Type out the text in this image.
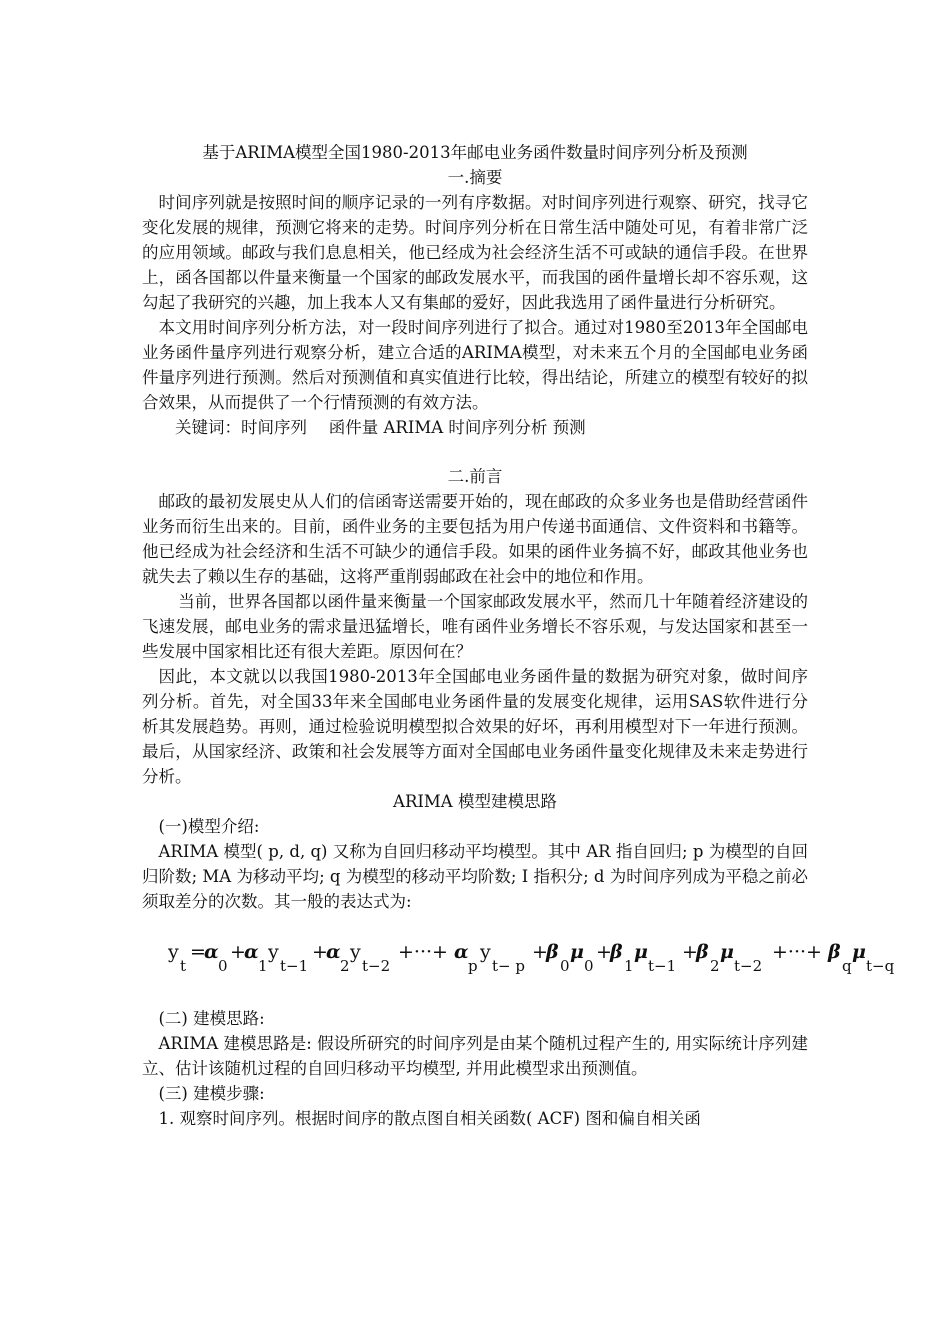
基于ARIMA模型全国1980-2013年邮电业务函件数量时间序列分析及预测
一.摘要

时间序列就是按照时间的顺序记录的一列有序数据。对时间序列进行观察、研究，找寻它变化发展的规律，预测它将来的走势。时间序列分析在日常生活中随处可见，有着非常广泛的应用领域。邮政与我们息息相关，他已经成为社会经济生活不可或缺的通信手段。在世界上，函各国都以件量来衡量一个国家的邮政发展水平，而我国的函件量增长却不容乐观，这勾起了我研究的兴趣，加上我本人又有集邮的爱好，因此我选用了函件量进行分析研究。

本文用时间序列分析方法，对一段时间序列进行了拟合。通过对1980至2013年全国邮电业务函件量序列进行观察分析，建立合适的ARIMA模型，对未来五个月的全国邮电业务函件量序列进行预测。然后对预测值和真实值进行比较，得出结论，所建立的模型有较好的拟合效果，从而提供了一个行情预测的有效方法。

关键词：时间序列　 函件量 ARIMA 时间序列分析 预测
二.前言

邮政的最初发展史从人们的信函寄送需要开始的，现在邮政的众多业务也是借助经营函件业务而衍生出来的。目前，函件业务的主要包括为用户传递书面通信、文件资料和书籍等。他已经成为社会经济和生活不可缺少的通信手段。如果的函件业务搞不好，邮政其他业务也就失去了赖以生存的基础，这将严重削弱邮政在社会中的地位和作用。

当前，世界各国都以函件量来衡量一个国家邮政发展水平，然而几十年随着经济建设的飞速发展，邮电业务的需求量迅猛增长，唯有函件业务增长不容乐观，与发达国家和甚至一些发展中国家相比还有很大差距。原因何在？

因此，本文就以以我国1980-2013年全国邮电业务函件量的数据为研究对象，做时间序列分析。首先，对全国33年来全国邮电业务函件量的发展变化规律，运用SAS软件进行分析其发展趋势。再则，通过检验说明模型拟合效果的好坏，再利用模型对下一年进行预测。最后，从国家经济、政策和社会发展等方面对全国邮电业务函件量变化规律及未来走势进行分析。

ARIMA 模型建模思路
(一)模型介绍:

ARIMA 模型( p, d, q) 又称为自回归移动平均模型。其中 AR 指自回归; p 为模型的自回归阶数; MA 为移动平均; q 为模型的移动平均阶数; I 指积分; d 为时间序列成为平稳之前必须取差分的次数。其一般的表达式为:

y
t
=
α
0
+
α
1
y
t−1
+
α
2
y
t−2
+···+ α
p
y
t− p
+
β
0
μ
0
+
β
1
μ
t−1
+
β
2
μ
t−2
+···+ β
q
μ
t−q
(二) 建模思路:

ARIMA 建模思路是: 假设所研究的时间序列是由某个随机过程产生的, 用实际统计序列建立、估计该随机过程的自回归移动平均模型, 并用此模型求出预测值。

(三) 建模步骤:

1. 观察时间序列。根据时间序的散点图自相关函数( ACF) 图和偏自相关函
